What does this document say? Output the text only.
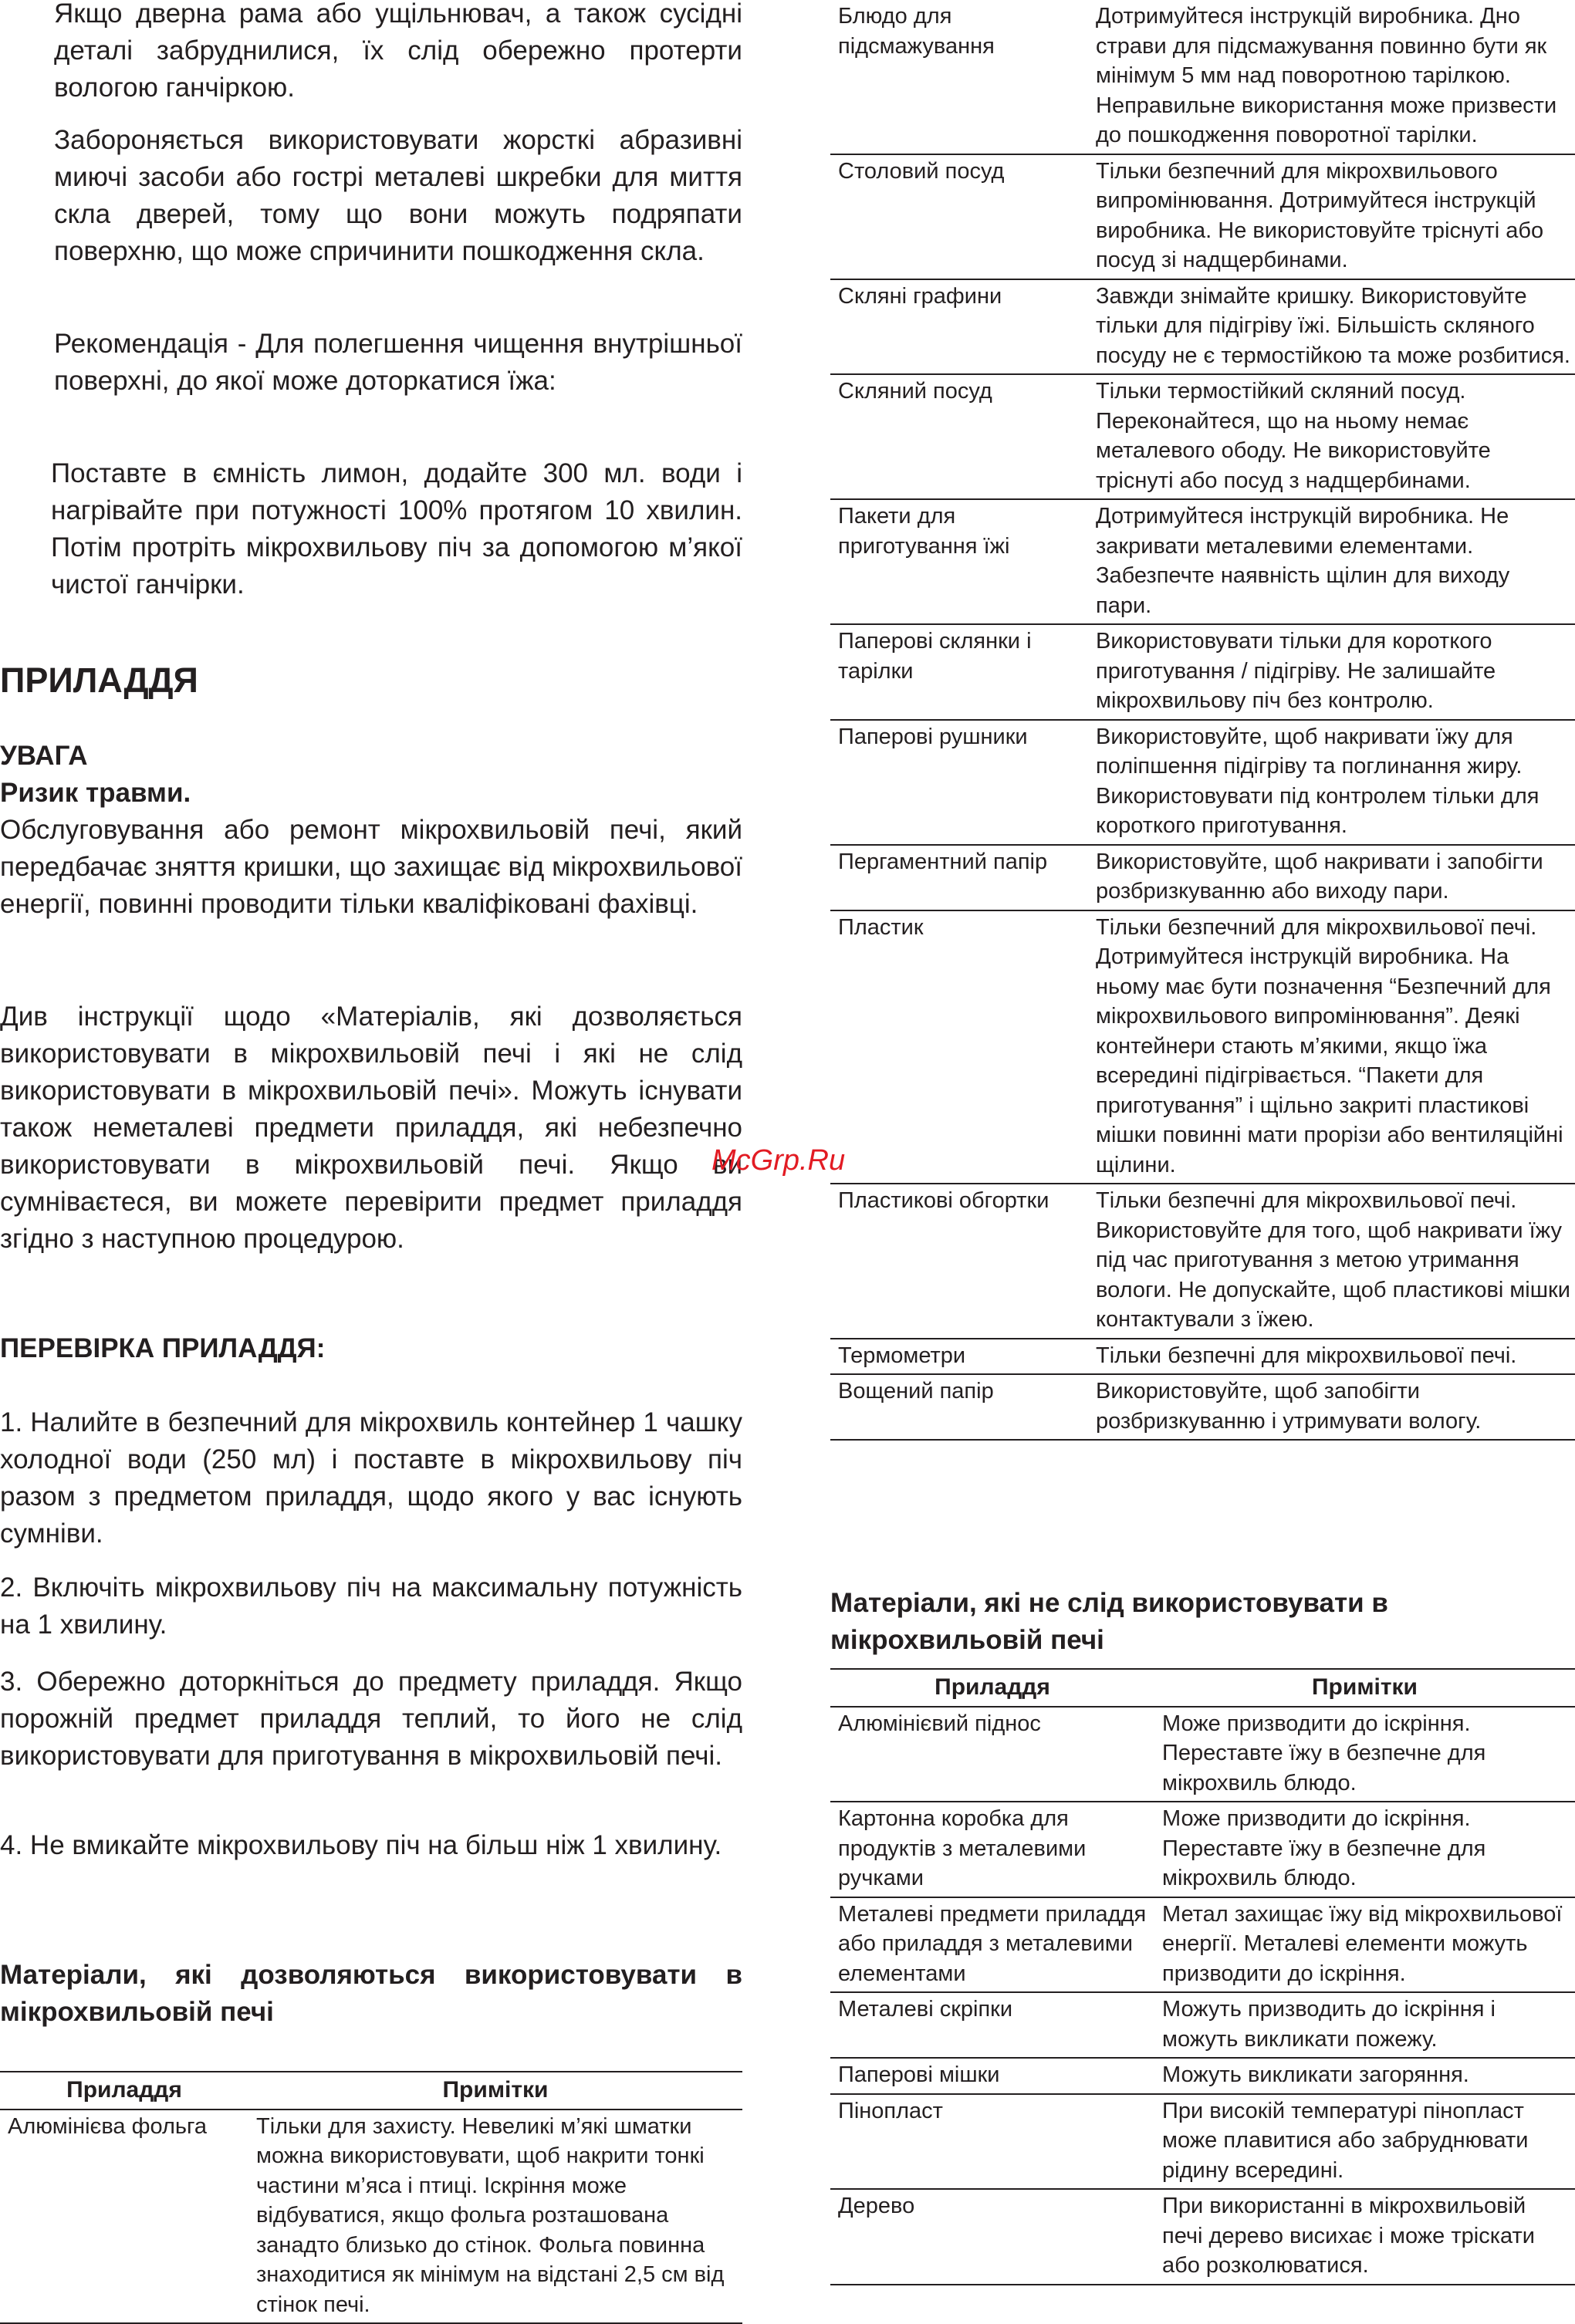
Якщо дверна рама або ущільнювач, а також сусідні деталі забруднилися, їх слід обережно протерти вологою ганчіркою.

Забороняється використовувати жорсткі абразивні миючі засоби або гострі металеві шкребки для миття скла дверей, тому що вони можуть подряпати поверхню, що може спричинити пошкодження скла.

Рекомендація - Для полегшення чищення внутрішньої поверхні, до якої може доторкатися їжа:

Поставте в ємність лимон, додайте 300 мл. води і нагрівайте при потужності 100% протягом 10 хвилин. Потім протріть мікрохвильову піч за допомогою м’якої чистої ганчірки.

ПРИЛАДДЯ
УВАГА
Ризик травми.

Обслуговування або ремонт мікрохвильовій печі, який передбачає зняття кришки, що захищає від мікрохвильової енергії, повинні проводити тільки кваліфіковані фахівці.

Див інструкції щодо «Матеріалів, які дозволяється використовувати в мікрохвильовій печі і які не слід використовувати в мікрохвильовій печі». Можуть існувати також неметалеві предмети приладдя, які небезпечно використовувати в мікрохвильовій печі. Якщо ви сумніваєтеся, ви можете перевірити предмет приладдя згідно з наступною процедурою.

ПЕРЕВІРКА ПРИЛАДДЯ:

1. Налийте в безпечний для мікрохвиль контейнер 1 чашку холодної води (250 мл) і поставте в мікрохвильову піч разом з предметом приладдя, щодо якого у вас існують сумніви.

2. Включіть мікрохвильову піч на максимальну потужність на 1 хвилину.

3. Обережно доторкніться до предмету приладдя. Якщо порожній предмет приладдя теплий, то його не слід використовувати для приготування в мікрохвильовій печі.

4. Не вмикайте мікрохвильову піч на більш ніж 1 хвилину.

Матеріали, які дозволяються використовувати в мікрохвильовій печі
Приладдя	Примітки
Алюмінієва фольга	Тільки для захисту. Невеликі м’які шматки можна використовувати, щоб накрити тонкі частини м’яса і птиці. Іскріння може відбуватися, якщо фольга розташована занадто близько до стінок. Фольга повинна знаходитися як мінімум на відстані 2,5 см від стінок печі.
Блюдо для підсмажування	Дотримуйтеся інструкцій виробника. Дно страви для підсмажування повинно бути як мінімум 5 мм над поворотною тарілкою. Неправильне використання може призвести до пошкодження поворотної тарілки.
Столовий посуд	Тільки безпечний для мікрохвильового випромінювання. Дотримуйтеся інструкцій виробника. Не використовуйте тріснуті або посуд зі надщербинами.
Скляні графини	Завжди знімайте кришку. Використовуйте тільки для підігріву їжі. Більшість скляного посуду не є термостійкою та може розбитися.
Скляний посуд	Тільки термостійкий скляний посуд. Переконайтеся, що на ньому немає металевого ободу. Не використовуйте тріснуті або посуд з надщербинами.
Пакети для приготування їжі	Дотримуйтеся інструкцій виробника. Не закривати металевими елементами. Забезпечте наявність щілин для виходу пари.
Паперові склянки і тарілки	Використовувати тільки для короткого приготування / підігріву. Не залишайте мікрохвильову піч без контролю.
Паперові рушники	Використовуйте, щоб накривати їжу для поліпшення підігріву та поглинання жиру. Використовувати під контролем тільки для короткого приготування.
Пергаментний папір	Використовуйте, щоб накривати і запобігти розбризкуванню або виходу пари.
Пластик	Тільки безпечний для мікрохвильової печі. Дотримуйтеся інструкцій виробника. На ньому має бути позначення “Безпечний для мікрохвильового випромінювання”. Деякі контейнери стають м’якими, якщо їжа всередині підігрівається. “Пакети для приготування” і щільно закриті пластикові мішки повинні мати прорізи або вентиляційні щілини.
Пластикові обгортки	Тільки безпечні для мікрохвильової печі. Використовуйте для того, щоб накривати їжу під час приготування з метою утримання вологи. Не допускайте, щоб пластикові мішки контактували з їжею.
Термометри	Тільки безпечні для мікрохвильової печі.
Вощений папір	Використовуйте, щоб запобігти розбризкуванню і утримувати вологу.
Матеріали, які не слід використовувати в мікрохвильовій печі
Приладдя	Примітки
Алюмінієвий піднос	Може призводити до іскріння. Переставте їжу в безпечне для мікрохвиль блюдо.
Картонна коробка для продуктів з металевими ручками	Може призводити до іскріння. Переставте їжу в безпечне для мікрохвиль блюдо.
Металеві предмети приладдя або приладдя з металевими елементами	Метал захищає їжу від мікрохвильової енергії. Металеві елементи можуть призводити до іскріння.
Металеві скріпки	Можуть призводить до іскріння і можуть викликати пожежу.
Паперові мішки	Можуть викликати загоряння.
Пінопласт	При високій температурі пінопласт може плавитися або забруднювати рідину всередині.
Дерево	При використанні в мікрохвильовій печі дерево висихає і може тріскати або розколюватися.
McGrp.Ru
